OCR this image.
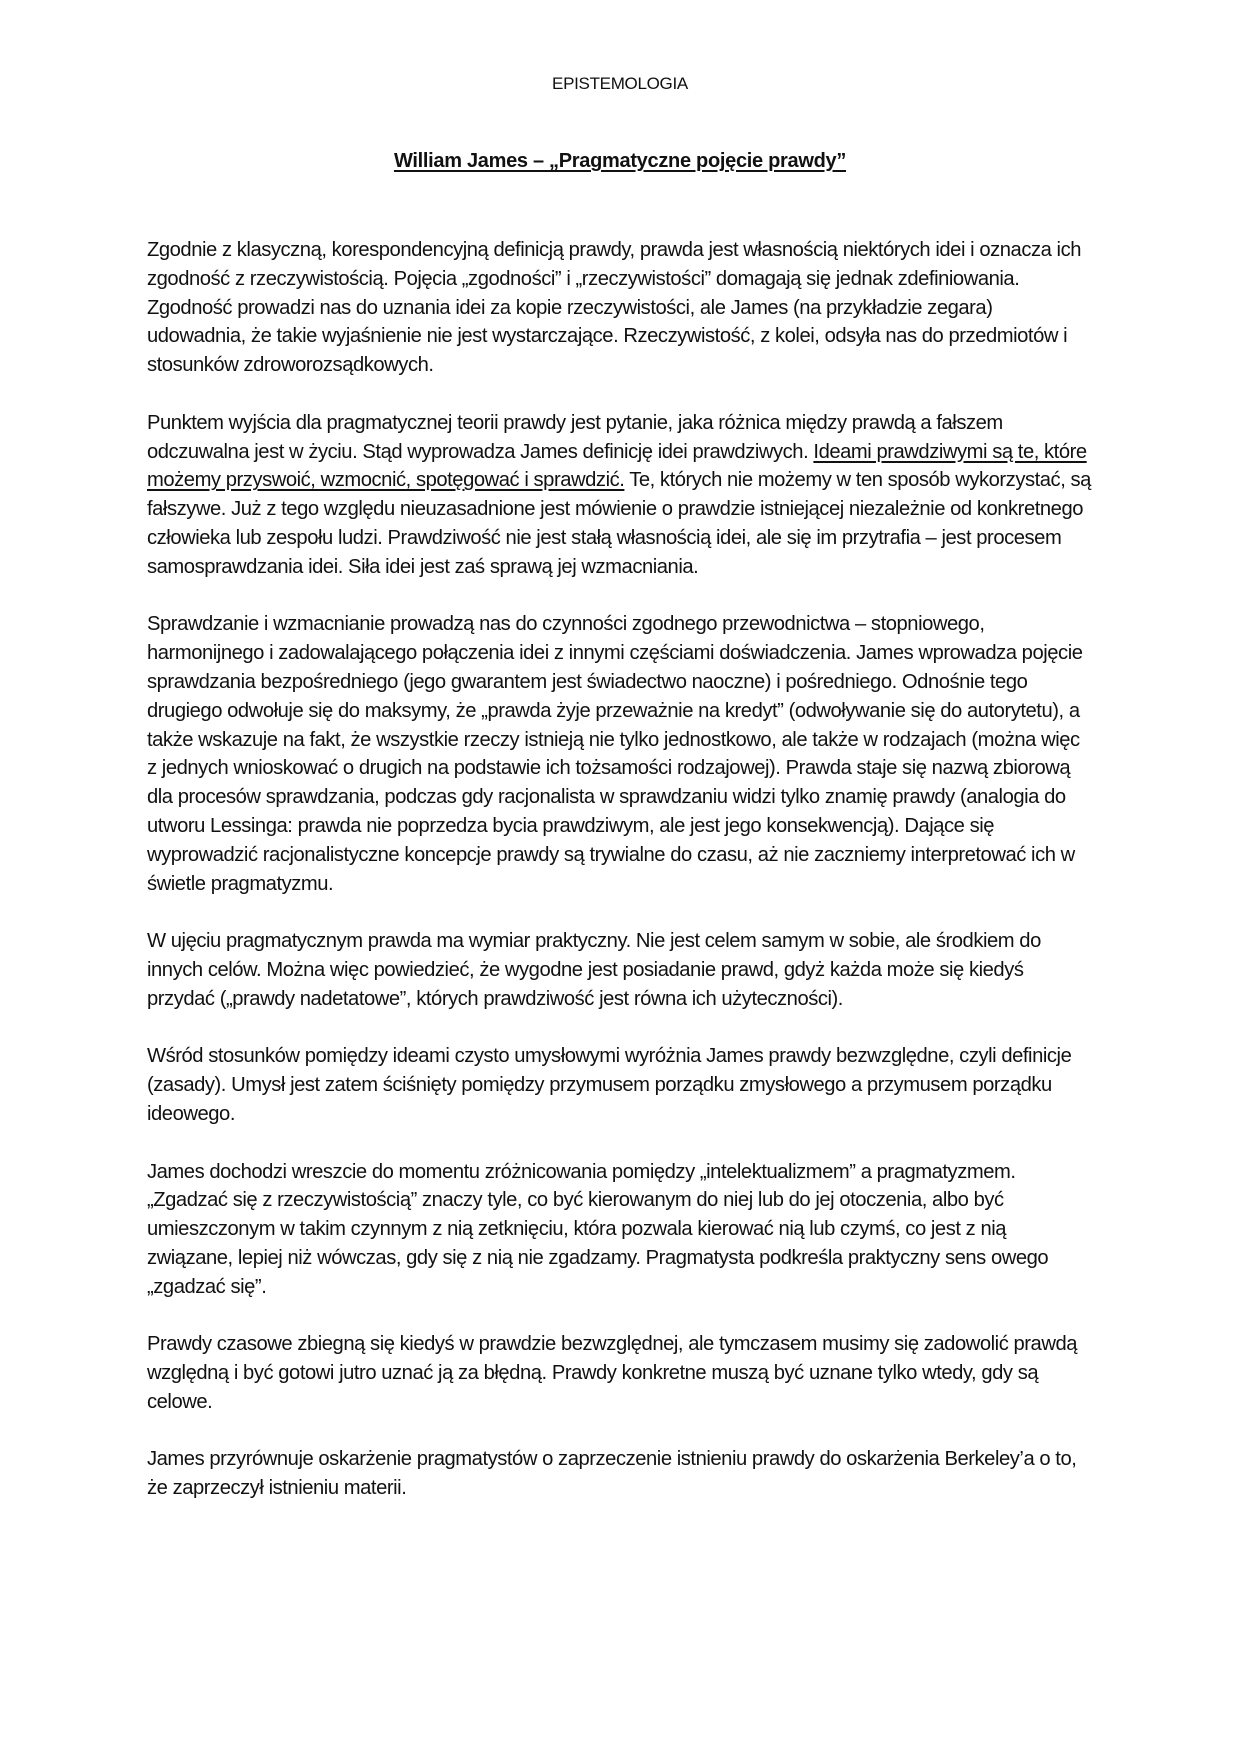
EPISTEMOLOGIA
William James – „Pragmatyczne pojęcie prawdy”

Zgodnie z klasyczną, korespondencyjną definicją prawdy, prawda jest własnością niektórych idei i oznacza ich zgodność z rzeczywistością. Pojęcia „zgodności” i „rzeczywistości” domagają się jednak zdefiniowania. Zgodność prowadzi nas do uznania idei za kopie rzeczywistości, ale James (na przykładzie zegara) udowadnia, że takie wyjaśnienie nie jest wystarczające. Rzeczywistość, z kolei, odsyła nas do przedmiotów i stosunków zdroworozsądkowych.

Punktem wyjścia dla pragmatycznej teorii prawdy jest pytanie, jaka różnica między prawdą a fałszem odczuwalna jest w życiu. Stąd wyprowadza James definicję idei prawdziwych. Ideami prawdziwymi są te, które możemy przyswoić, wzmocnić, spotęgować i sprawdzić. Te, których nie możemy w ten sposób wykorzystać, są fałszywe. Już z tego względu nieuzasadnione jest mówienie o prawdzie istniejącej niezależnie od konkretnego człowieka lub zespołu ludzi. Prawdziwość nie jest stałą własnością idei, ale się im przytrafia – jest procesem samosprawdzania idei. Siła idei jest zaś sprawą jej wzmacniania.

Sprawdzanie i wzmacnianie prowadzą nas do czynności zgodnego przewodnictwa – stopniowego, harmonijnego i zadowalającego połączenia idei z innymi częściami doświadczenia. James wprowadza pojęcie sprawdzania bezpośredniego (jego gwarantem jest świadectwo naoczne) i pośredniego. Odnośnie tego drugiego odwołuje się do maksymy, że „prawda żyje przeważnie na kredyt” (odwoływanie się do autorytetu), a także wskazuje na fakt, że wszystkie rzeczy istnieją nie tylko jednostkowo, ale także w rodzajach (można więc z jednych wnioskować o drugich na podstawie ich tożsamości rodzajowej). Prawda staje się nazwą zbiorową dla procesów sprawdzania, podczas gdy racjonalista w sprawdzaniu widzi tylko znamię prawdy (analogia do utworu Lessinga: prawda nie poprzedza bycia prawdziwym, ale jest jego konsekwencją). Dające się wyprowadzić racjonalistyczne koncepcje prawdy są trywialne do czasu, aż nie zaczniemy interpretować ich w świetle pragmatyzmu.

W ujęciu pragmatycznym prawda ma wymiar praktyczny. Nie jest celem samym w sobie, ale środkiem do innych celów. Można więc powiedzieć, że wygodne jest posiadanie prawd, gdyż każda może się kiedyś przydać („prawdy nadetatowe”, których prawdziwość jest równa ich użyteczności).

Wśród stosunków pomiędzy ideami czysto umysłowymi wyróżnia James prawdy bezwzględne, czyli definicje (zasady). Umysł jest zatem ściśnięty pomiędzy przymusem porządku zmysłowego a przymusem porządku ideowego.

James dochodzi wreszcie do momentu zróżnicowania pomiędzy „intelektualizmem” a pragmatyzmem. „Zgadzać się z rzeczywistością” znaczy tyle, co być kierowanym do niej lub do jej otoczenia, albo być umieszczonym w takim czynnym z nią zetknięciu, która pozwala kierować nią lub czymś, co jest z nią związane, lepiej niż wówczas, gdy się z nią nie zgadzamy. Pragmatysta podkreśla praktyczny sens owego „zgadzać się”.

Prawdy czasowe zbiegną się kiedyś w prawdzie bezwzględnej, ale tymczasem musimy się zadowolić prawdą względną i być gotowi jutro uznać ją za błędną. Prawdy konkretne muszą być uznane tylko wtedy, gdy są celowe.

James przyrównuje oskarżenie pragmatystów o zaprzeczenie istnieniu prawdy do oskarżenia Berkeley’a o to, że zaprzeczył istnieniu materii.
